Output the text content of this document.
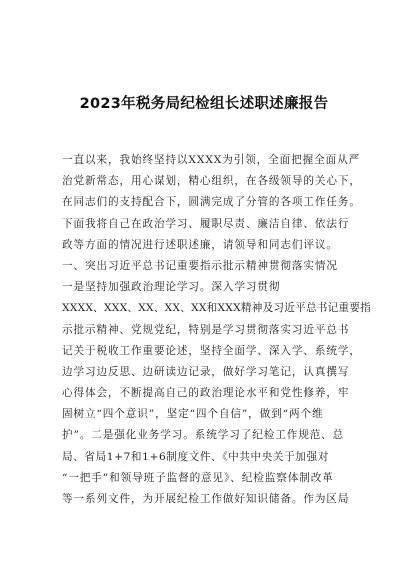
2023年税务局纪检组长述职述廉报告
一直以来，我始终坚持以XXXX为引领，全面把握全面从严
治党新常态，用心谋划，精心组织，在各级领导的关心下，
在同志们的支持配合下，圆满完成了分管的各项工作任务。
下面我将自己在政治学习、履职尽责、廉洁自律、依法行
政等方面的情况进行述职述廉，请领导和同志们评议。
一、突出习近平总书记重要指示批示精神贯彻落实情况
一是坚持加强政治理论学习。深入学习贯彻
XXXX、XXX、XX、XX、XX和XXX精神及习近平总书记重要指
示批示精神、党规党纪，特别是学习贯彻落实习近平总书
记关于税收工作重要论述，坚持全面学、深入学、系统学，
边学习边反思、边研读边记录，做好学习笔记，认真撰写
心得体会，不断提高自己的政治理论水平和党性修养，牢
固树立“四个意识”，坚定“四个自信”，做到“两个维
护”。二是强化业务学习。系统学习了纪检工作规范、总
局、省局1+7和1+6制度文件、《中共中央关于加强对
“一把手”和领导班子监督的意见》、纪检监察体制改革
等一系列文件，为开展纪检工作做好知识储备。作为区局
